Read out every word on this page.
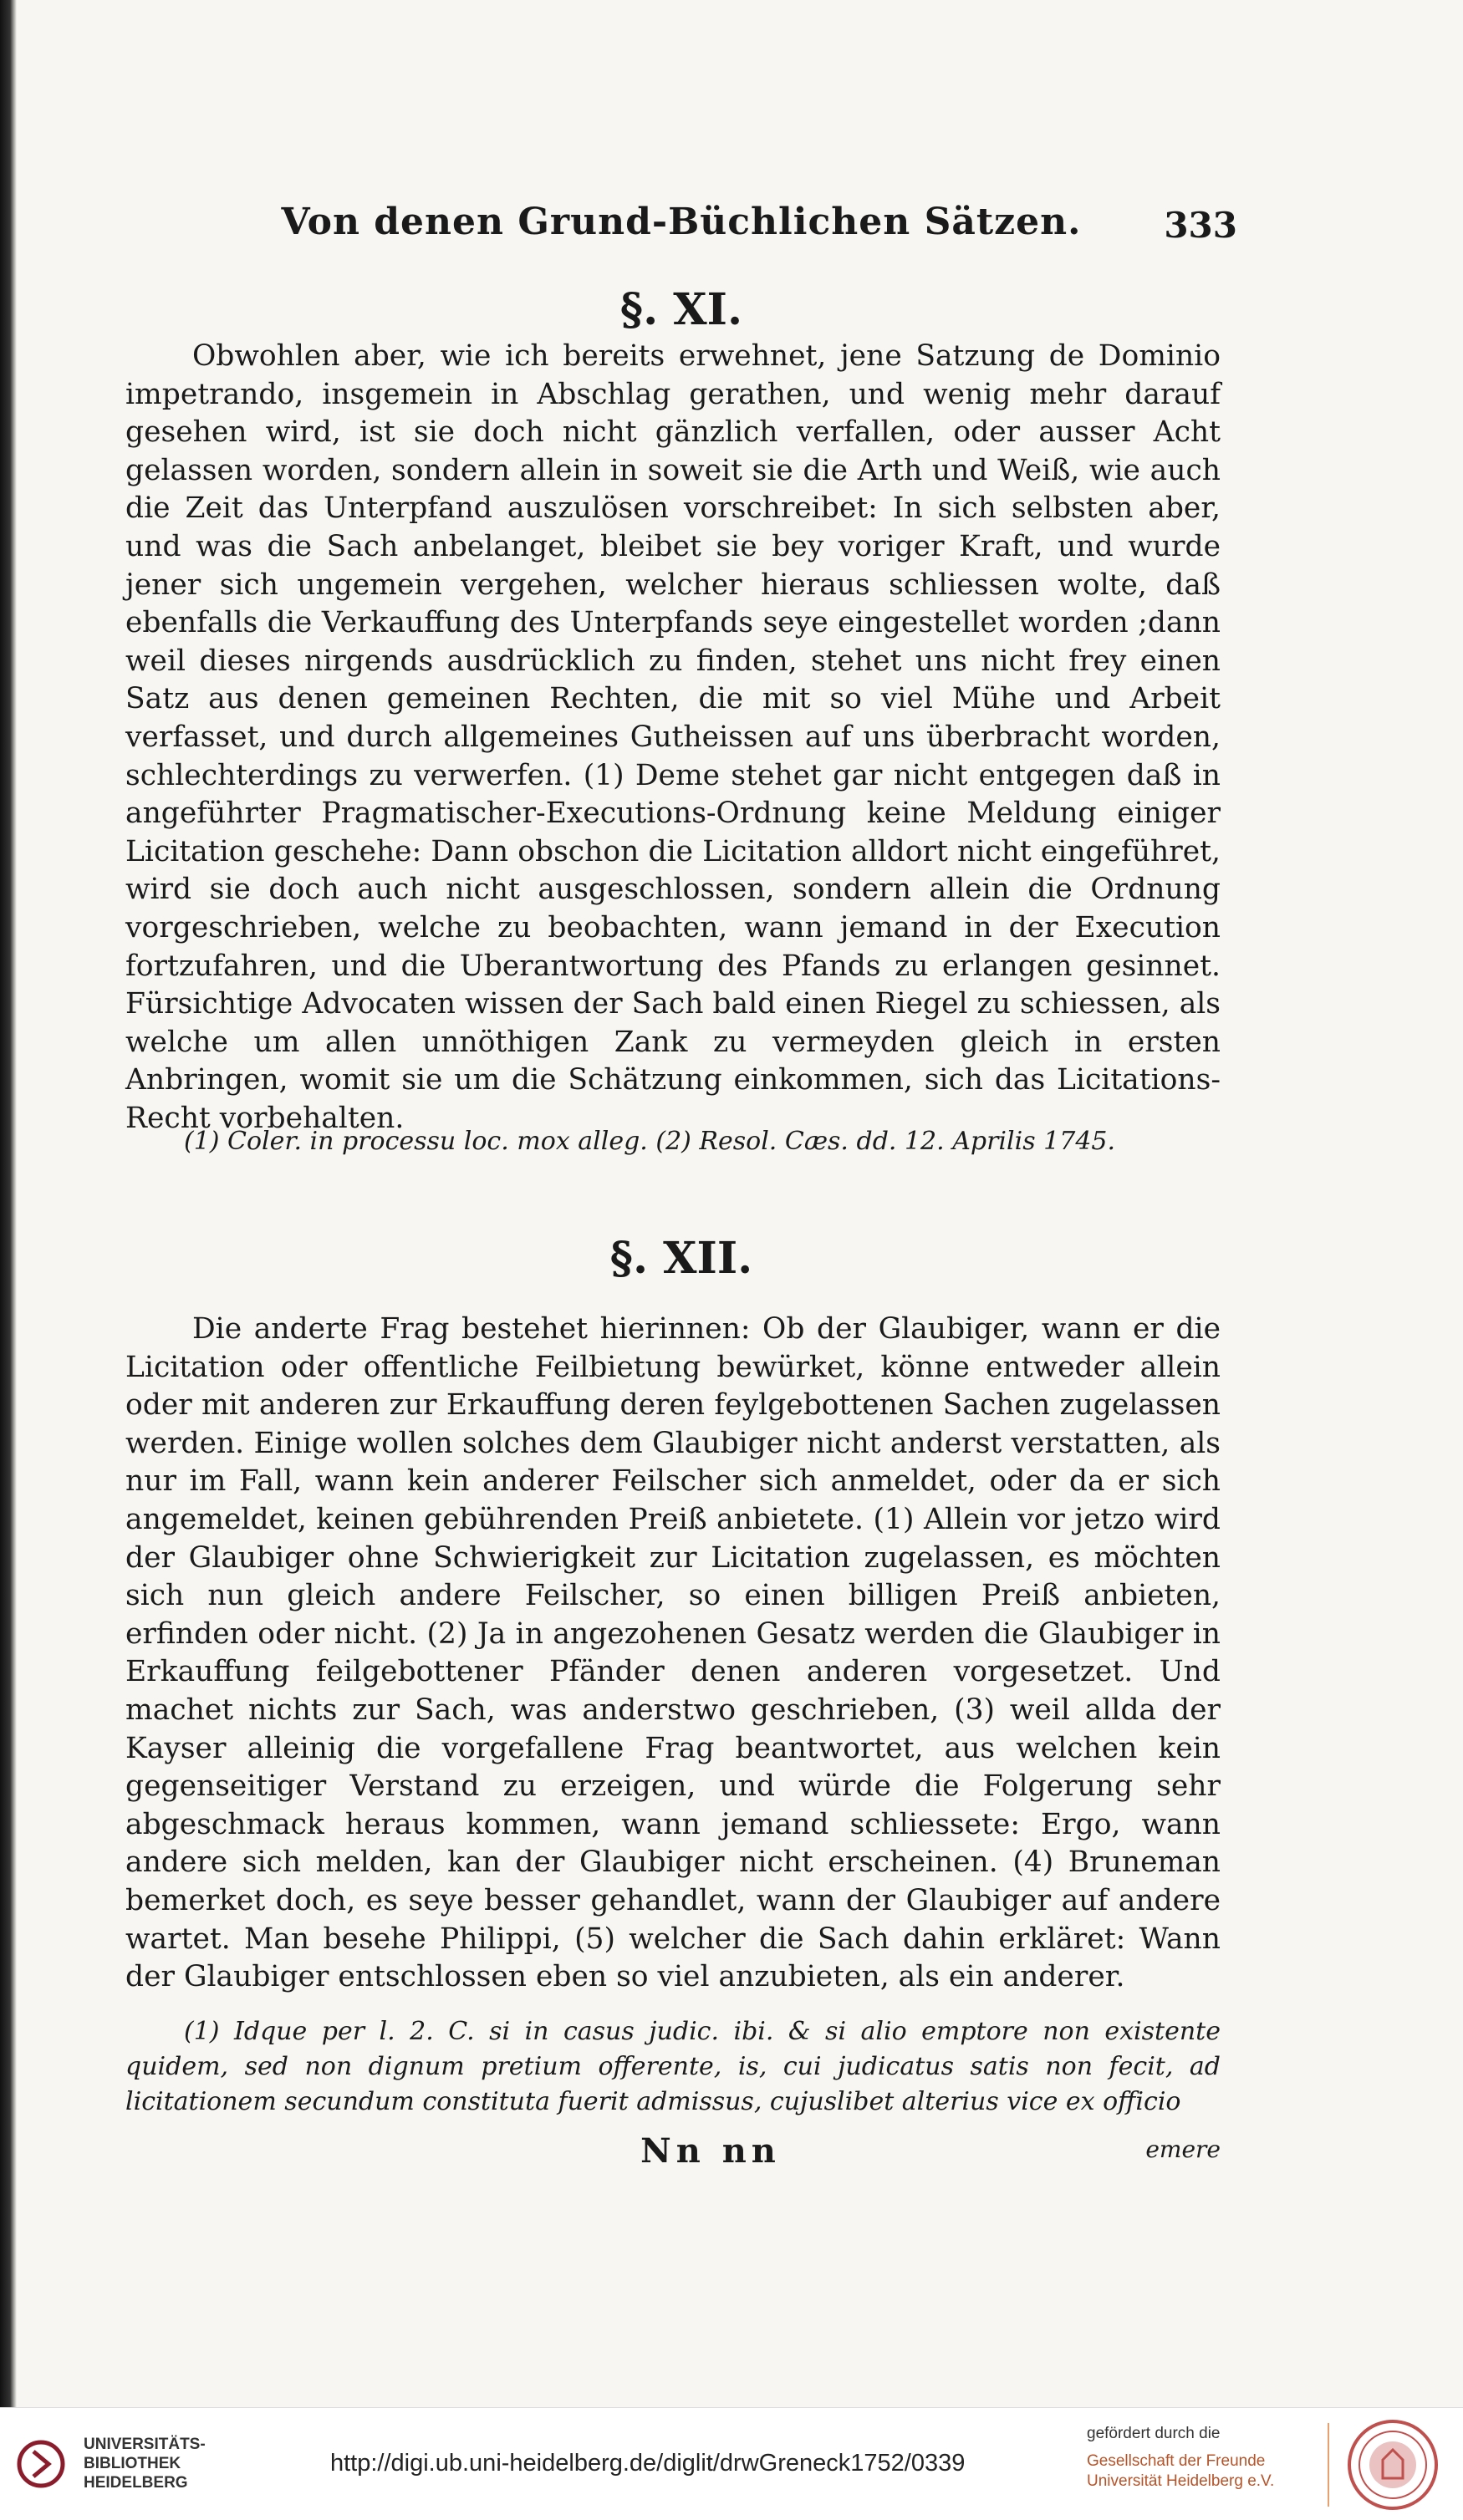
Von denen Grund-Büchlichen Sätzen.	333
§. XI.

Obwohlen aber, wie ich bereits erwehnet, jene Satzung de Dominio impetrando, insgemein in Abschlag gerathen, und wenig mehr darauf gesehen wird, ist sie doch nicht gänzlich verfallen, oder ausser Acht gelassen worden, sondern allein in soweit sie die Arth und Weiß, wie auch die Zeit das Unterpfand auszulösen vorschreibet: In sich selbsten aber, und was die Sach anbelanget, bleibet sie bey voriger Kraft, und wurde jener sich ungemein vergehen, welcher hieraus schliessen wolte, daß ebenfalls die Verkauffung des Unterpfands seye eingestellet worden ;dann weil dieses nirgends ausdrücklich zu finden, stehet uns nicht frey einen Satz aus denen gemeinen Rechten, die mit so viel Mühe und Arbeit verfasset, und durch allgemeines Gutheissen auf uns überbracht worden, schlechterdings zu verwerfen. (1) Deme stehet gar nicht entgegen daß in angeführter Pragmatischer-Executions-Ordnung keine Meldung einiger Licitation geschehe: Dann obschon die Licitation alldort nicht eingeführet, wird sie doch auch nicht ausgeschlossen, sondern allein die Ordnung vorgeschrieben, welche zu beobachten, wann jemand in der Execution fortzufahren, und die Uberantwortung des Pfands zu erlangen gesinnet. Fürsichtige Advocaten wissen der Sach bald einen Riegel zu schiessen, als welche um allen unnöthigen Zank zu vermeyden gleich in ersten Anbringen, womit sie um die Schätzung einkommen, sich das Licitations-Recht vorbehalten.

(1) Coler. in processu loc. mox alleg. (2) Resol. Cæs. dd. 12. Aprilis 1745.
§. XII.

Die anderte Frag bestehet hierinnen: Ob der Glaubiger, wann er die Licitation oder offentliche Feilbietung bewürket, könne entweder allein oder mit anderen zur Erkauffung deren feylgebottenen Sachen zugelassen werden. Einige wollen solches dem Glaubiger nicht anderst verstatten, als nur im Fall, wann kein anderer Feilscher sich anmeldet, oder da er sich angemeldet, keinen gebührenden Preiß anbietete. (1) Allein vor jetzo wird der Glaubiger ohne Schwierigkeit zur Licitation zugelassen, es möchten sich nun gleich andere Feilscher, so einen billigen Preiß anbieten, erfinden oder nicht. (2) Ja in angezohenen Gesatz werden die Glaubiger in Erkauffung feilgebottener Pfänder denen anderen vorgesetzet. Und machet nichts zur Sach, was anderstwo geschrieben, (3) weil allda der Kayser alleinig die vorgefallene Frag beantwortet, aus welchen kein gegenseitiger Verstand zu erzeigen, und würde die Folgerung sehr abgeschmack heraus kommen, wann jemand schliessete: Ergo, wann andere sich melden, kan der Glaubiger nicht erscheinen. (4) Bruneman bemerket doch, es seye besser gehandlet, wann der Glaubiger auf andere wartet. Man besehe Philippi, (5) welcher die Sach dahin erkläret: Wann der Glaubiger entschlossen eben so viel anzubieten, als ein anderer.

(1) Idque per l. 2. C. si in casus judic. ibi. & si alio emptore non existente quidem, sed non dignum pretium offerente, is, cui judicatus satis non fecit, ad licitationem secundum constituta fuerit admissus, cujuslibet alterius vice ex officio
Nn nn	emere
UNIVERSITÄTS-
BIBLIOTHEK
HEIDELBERG
http://digi.ub.uni-heidelberg.de/diglit/drwGreneck1752/0339
gefördert durch die
Gesellschaft der Freunde
Universität Heidelberg e.V.
